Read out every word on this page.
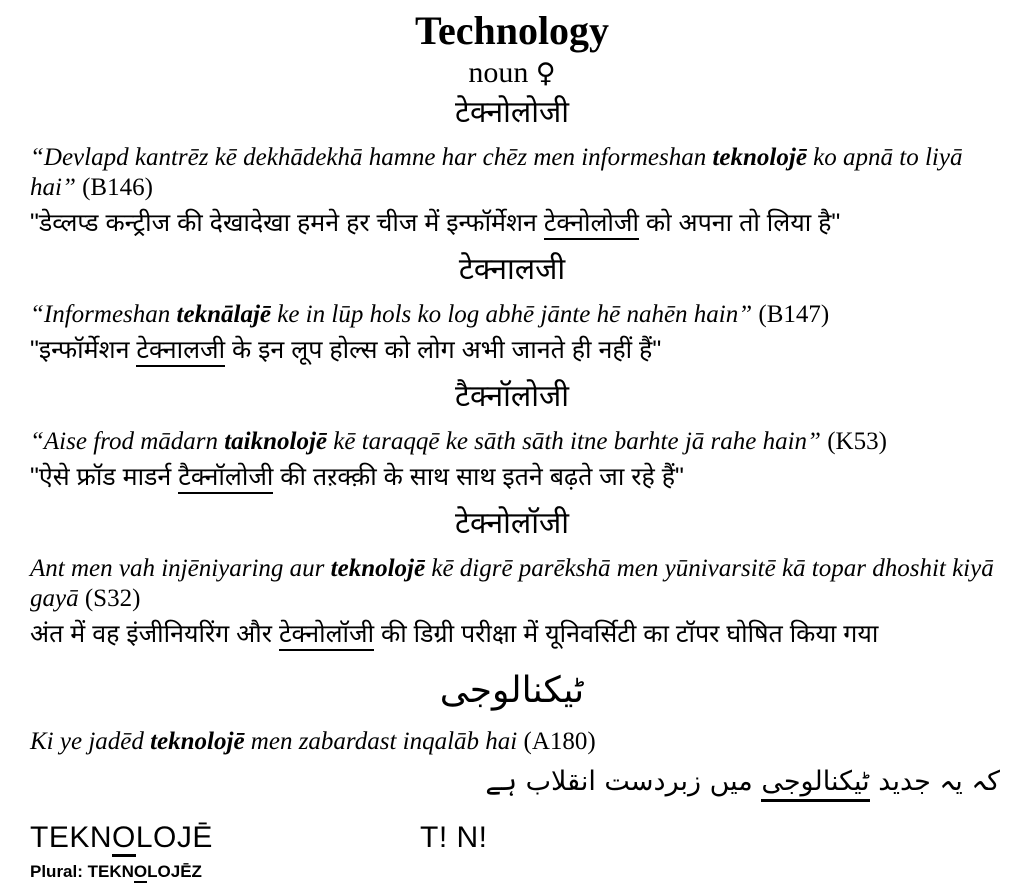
Technology
noun ♀
टेक्नोलोजी

“Devlapd kantrēz kē dekhādekhā hamne har chēz men informeshan teknolojē ko apnā to liyā hai” (B146)

"डेव्लप्ड कन्ट्रीज की देखादेखा हमने हर चीज में इन्फॉर्मेशन टेक्नोलोजी को अपना तो लिया है"

टेक्नालजी

“Informeshan teknālajē ke in lūp hols ko log abhē jānte hē nahēn hain” (B147)

"इन्फॉर्मेशन टेक्नालजी के इन लूप होल्स को लोग अभी जानते ही नहीं हैं"

टैक्नॉलोजी

“Aise frod mādarn taiknolojē kē taraqqē ke sāth sāth itne barhte jā rahe hain” (K53)

"ऐसे फ्रॉड माडर्न टैक्नॉलोजी की तऱक्क़ी के साथ साथ इतने बढ़ते जा रहे हैं"

टेक्नोलॉजी

Ant men vah injēniyaring aur teknolojē kē digrē parēkshā men yūnivarsitē kā topar dhoshit kiyā gayā (S32)

अंत में वह इंजीनियरिंग और टेक्नोलॉजी की डिग्री परीक्षा में यूनिवर्सिटी का टॉपर घोषित किया गया

ٹیکنالوجی

Ki ye jadēd teknolojē men zabardast inqalāb hai (A180)

کہ یہ جدید ٹیکنالوجی میں زبردست انقلاب ہے

TEKNOLOJĒ	T! N!
Plural: TEKNOLOJĒZ
